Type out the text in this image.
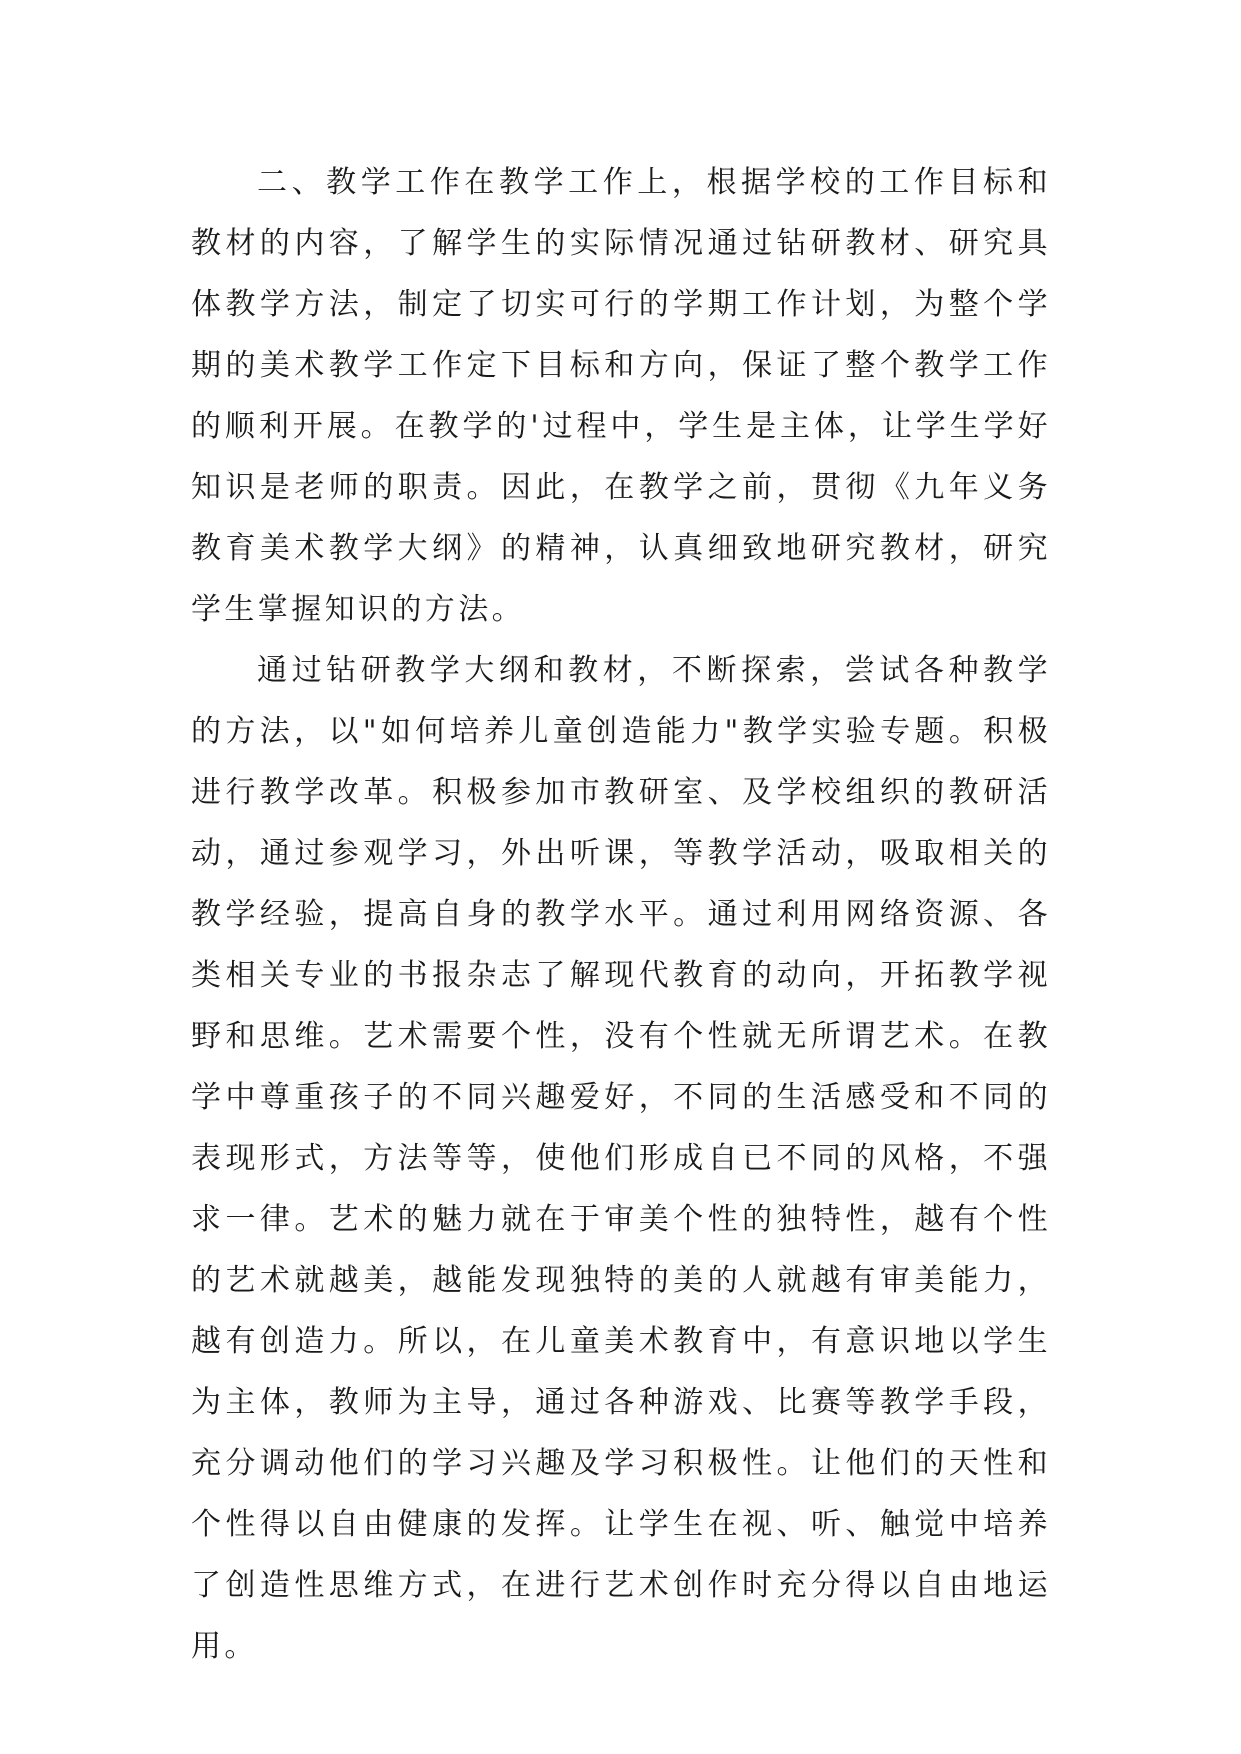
二、教学工作在教学工作上，根据学校的工作目标和教材的内容，了解学生的实际情况通过钻研教材、研究具体教学方法，制定了切实可行的学期工作计划，为整个学期的美术教学工作定下目标和方向，保证了整个教学工作的顺利开展。在教学的'过程中，学生是主体，让学生学好知识是老师的职责。因此，在教学之前，贯彻《九年义务教育美术教学大纲》的精神，认真细致地研究教材，研究学生掌握知识的方法。

通过钻研教学大纲和教材，不断探索，尝试各种教学的方法，以"如何培养儿童创造能力"教学实验专题。积极进行教学改革。积极参加市教研室、及学校组织的教研活动，通过参观学习，外出听课，等教学活动，吸取相关的教学经验，提高自身的教学水平。通过利用网络资源、各类相关专业的书报杂志了解现代教育的动向，开拓教学视野和思维。艺术需要个性，没有个性就无所谓艺术。在教学中尊重孩子的不同兴趣爱好，不同的生活感受和不同的表现形式，方法等等，使他们形成自已不同的风格，不强求一律。艺术的魅力就在于审美个性的独特性，越有个性的艺术就越美，越能发现独特的美的人就越有审美能力，越有创造力。所以，在儿童美术教育中，有意识地以学生为主体，教师为主导，通过各种游戏、比赛等教学手段，充分调动他们的学习兴趣及学习积极性。让他们的天性和个性得以自由健康的发挥。让学生在视、听、触觉中培养了创造性思维方式，在进行艺术创作时充分得以自由地运用。
